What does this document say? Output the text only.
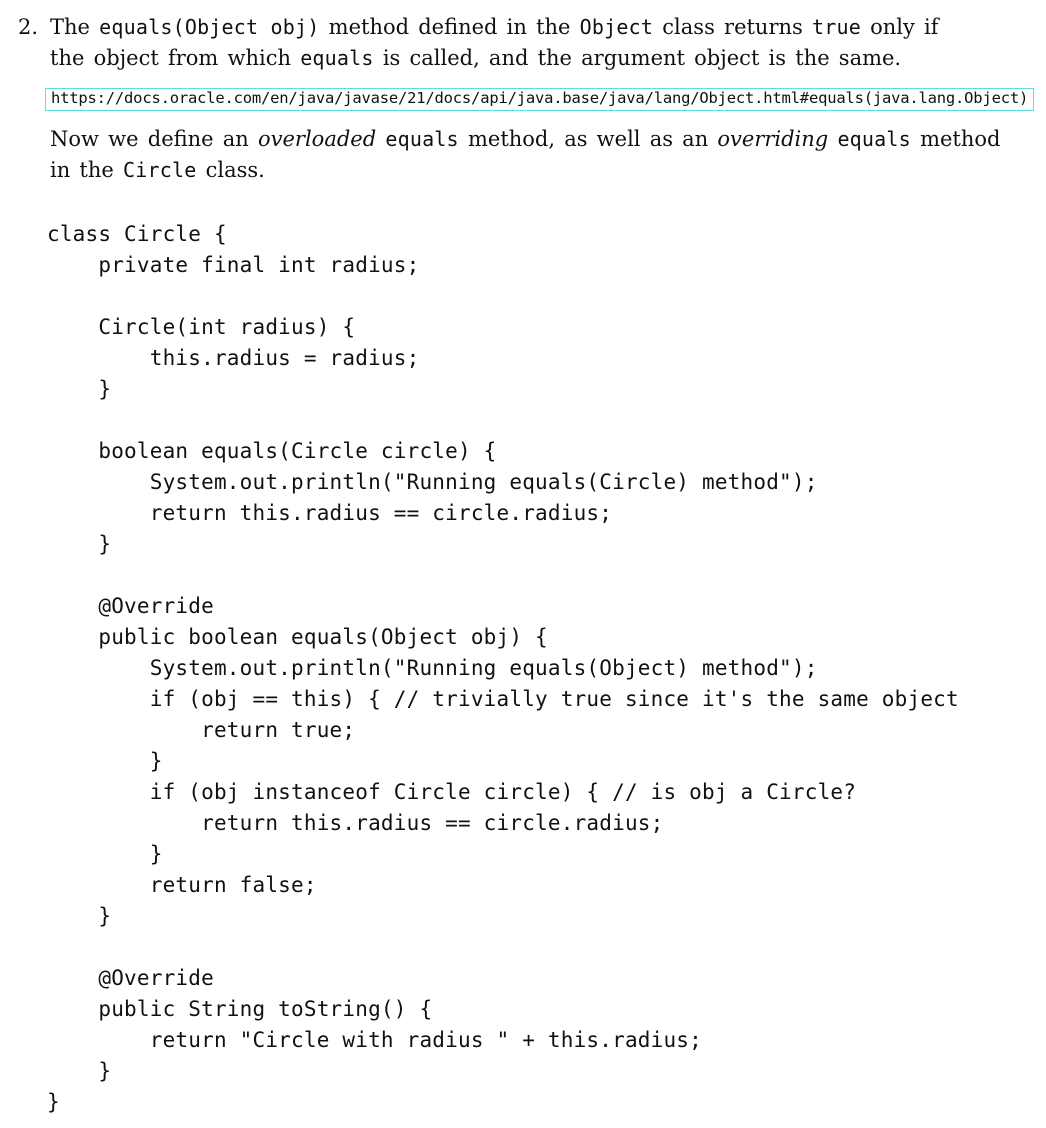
2. The equals(Object obj) method defined in the Object class returns true only if
the object from which equals is called, and the argument object is the same.
https://docs.oracle.com/en/java/javase/21/docs/api/java.base/java/lang/Object.html#equals(java.lang.Object)
Now we define an overloaded equals method, as well as an overriding equals method
in the Circle class.
class Circle {
private final int radius;
Circle(int radius) {
this.radius = radius;
}
boolean equals(Circle circle) {
System.out.println("Running equals(Circle) method");
return this.radius == circle.radius;
}
@Override
public boolean equals(Object obj) {
System.out.println("Running equals(Object) method");
if (obj == this) { // trivially true since it's the same object
return true;
}
if (obj instanceof Circle circle) { // is obj a Circle?
return this.radius == circle.radius;
}
return false;
}
@Override
public String toString() {
return "Circle with radius " + this.radius;
}
}
